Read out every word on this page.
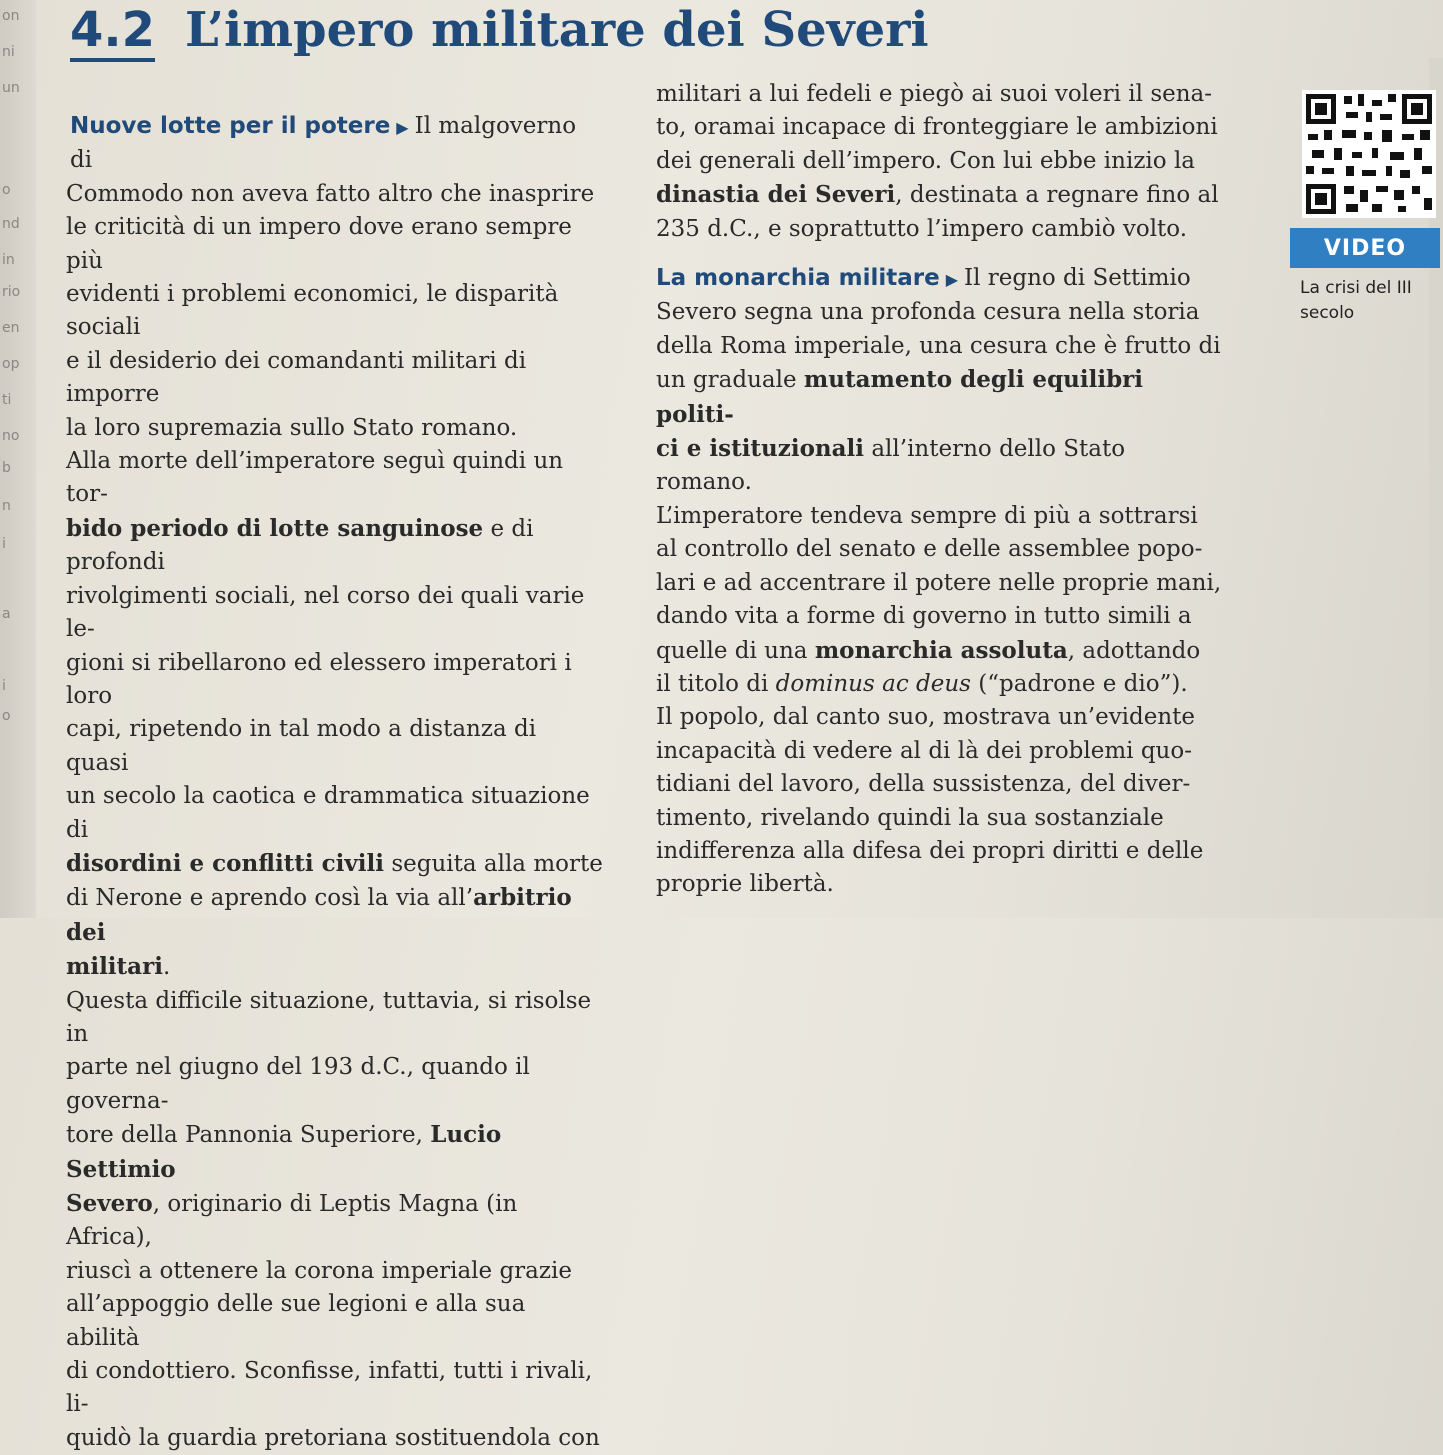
on
ni
un
o
nd
in
rio
en
op
ti
no
b
n
i
a
i
o
4.2 L’impero militare dei Severi

Nuove lotte per il potere ▶ Il malgoverno di

Commodo non aveva fatto altro che inasprire

le criticità di un impero dove erano sempre più

evidenti i problemi economici, le disparità sociali

e il desiderio dei comandanti militari di imporre

la loro supremazia sullo Stato romano.

Alla morte dell’imperatore seguì quindi un tor-

bido periodo di lotte sanguinose e di profondi

rivolgimenti sociali, nel corso dei quali varie le-

gioni si ribellarono ed elessero imperatori i loro

capi, ripetendo in tal modo a distanza di quasi

un secolo la caotica e drammatica situazione di

disordini e conflitti civili seguita alla morte

di Nerone e aprendo così la via all’arbitrio dei

militari.

Questa difficile situazione, tuttavia, si risolse in

parte nel giugno del 193 d.C., quando il governa-

tore della Pannonia Superiore, Lucio Settimio

Severo, originario di Leptis Magna (in Africa),

riuscì a ottenere la corona imperiale grazie

all’appoggio delle sue legioni e alla sua abilità

di condottiero. Sconfisse, infatti, tutti i rivali, li-

quidò la guardia pretoriana sostituendola con

militari a lui fedeli e piegò ai suoi voleri il sena-

to, oramai incapace di fronteggiare le ambizioni

dei generali dell’impero. Con lui ebbe inizio la

dinastia dei Severi, destinata a regnare fino al

235 d.C., e soprattutto l’impero cambiò volto.

La monarchia militare ▶ Il regno di Settimio

Severo segna una profonda cesura nella storia

della Roma imperiale, una cesura che è frutto di

un graduale mutamento degli equilibri politi-

ci e istituzionali all’interno dello Stato romano.

L’imperatore tendeva sempre di più a sottrarsi

al controllo del senato e delle assemblee popo-

lari e ad accentrare il potere nelle proprie mani,

dando vita a forme di governo in tutto simili a

quelle di una monarchia assoluta, adottando

il titolo di dominus ac deus (“padrone e dio”).

Il popolo, dal canto suo, mostrava un’evidente

incapacità di vedere al di là dei problemi quo-

tidiani del lavoro, della sussistenza, del diver-

timento, rivelando quindi la sua sostanziale

indifferenza alla difesa dei propri diritti e delle

proprie libertà.

VIDEO
La crisi del III secolo
